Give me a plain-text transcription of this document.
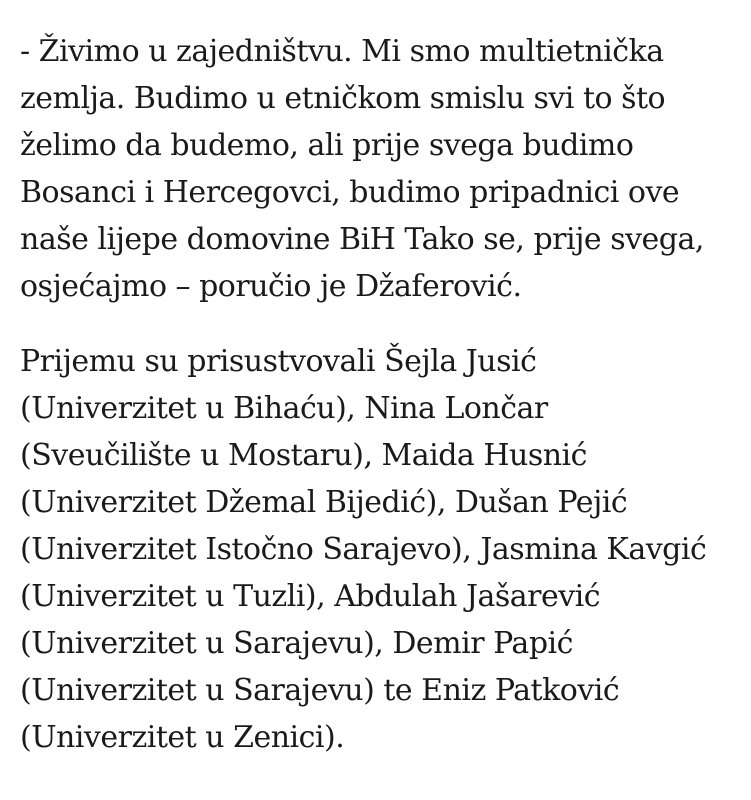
- Živimo u zajedništvu. Mi smo multietnička
zemlja. Budimo u etničkom smislu svi to što
želimo da budemo, ali prije svega budimo
Bosanci i Hercegovci, budimo pripadnici ove
naše lijepe domovine BiH Tako se, prije svega,
osjećajmo – poručio je Džaferović.

Prijemu su prisustvovali Šejla Jusić
(Univerzitet u Bihaću), Nina Lončar
(Sveučilište u Mostaru), Maida Husnić
(Univerzitet Džemal Bijedić), Dušan Pejić
(Univerzitet Istočno Sarajevo), Jasmina Kavgić
(Univerzitet u Tuzli), Abdulah Jašarević
(Univerzitet u Sarajevu), Demir Papić
(Univerzitet u Sarajevu) te Eniz Patković
(Univerzitet u Zenici).
